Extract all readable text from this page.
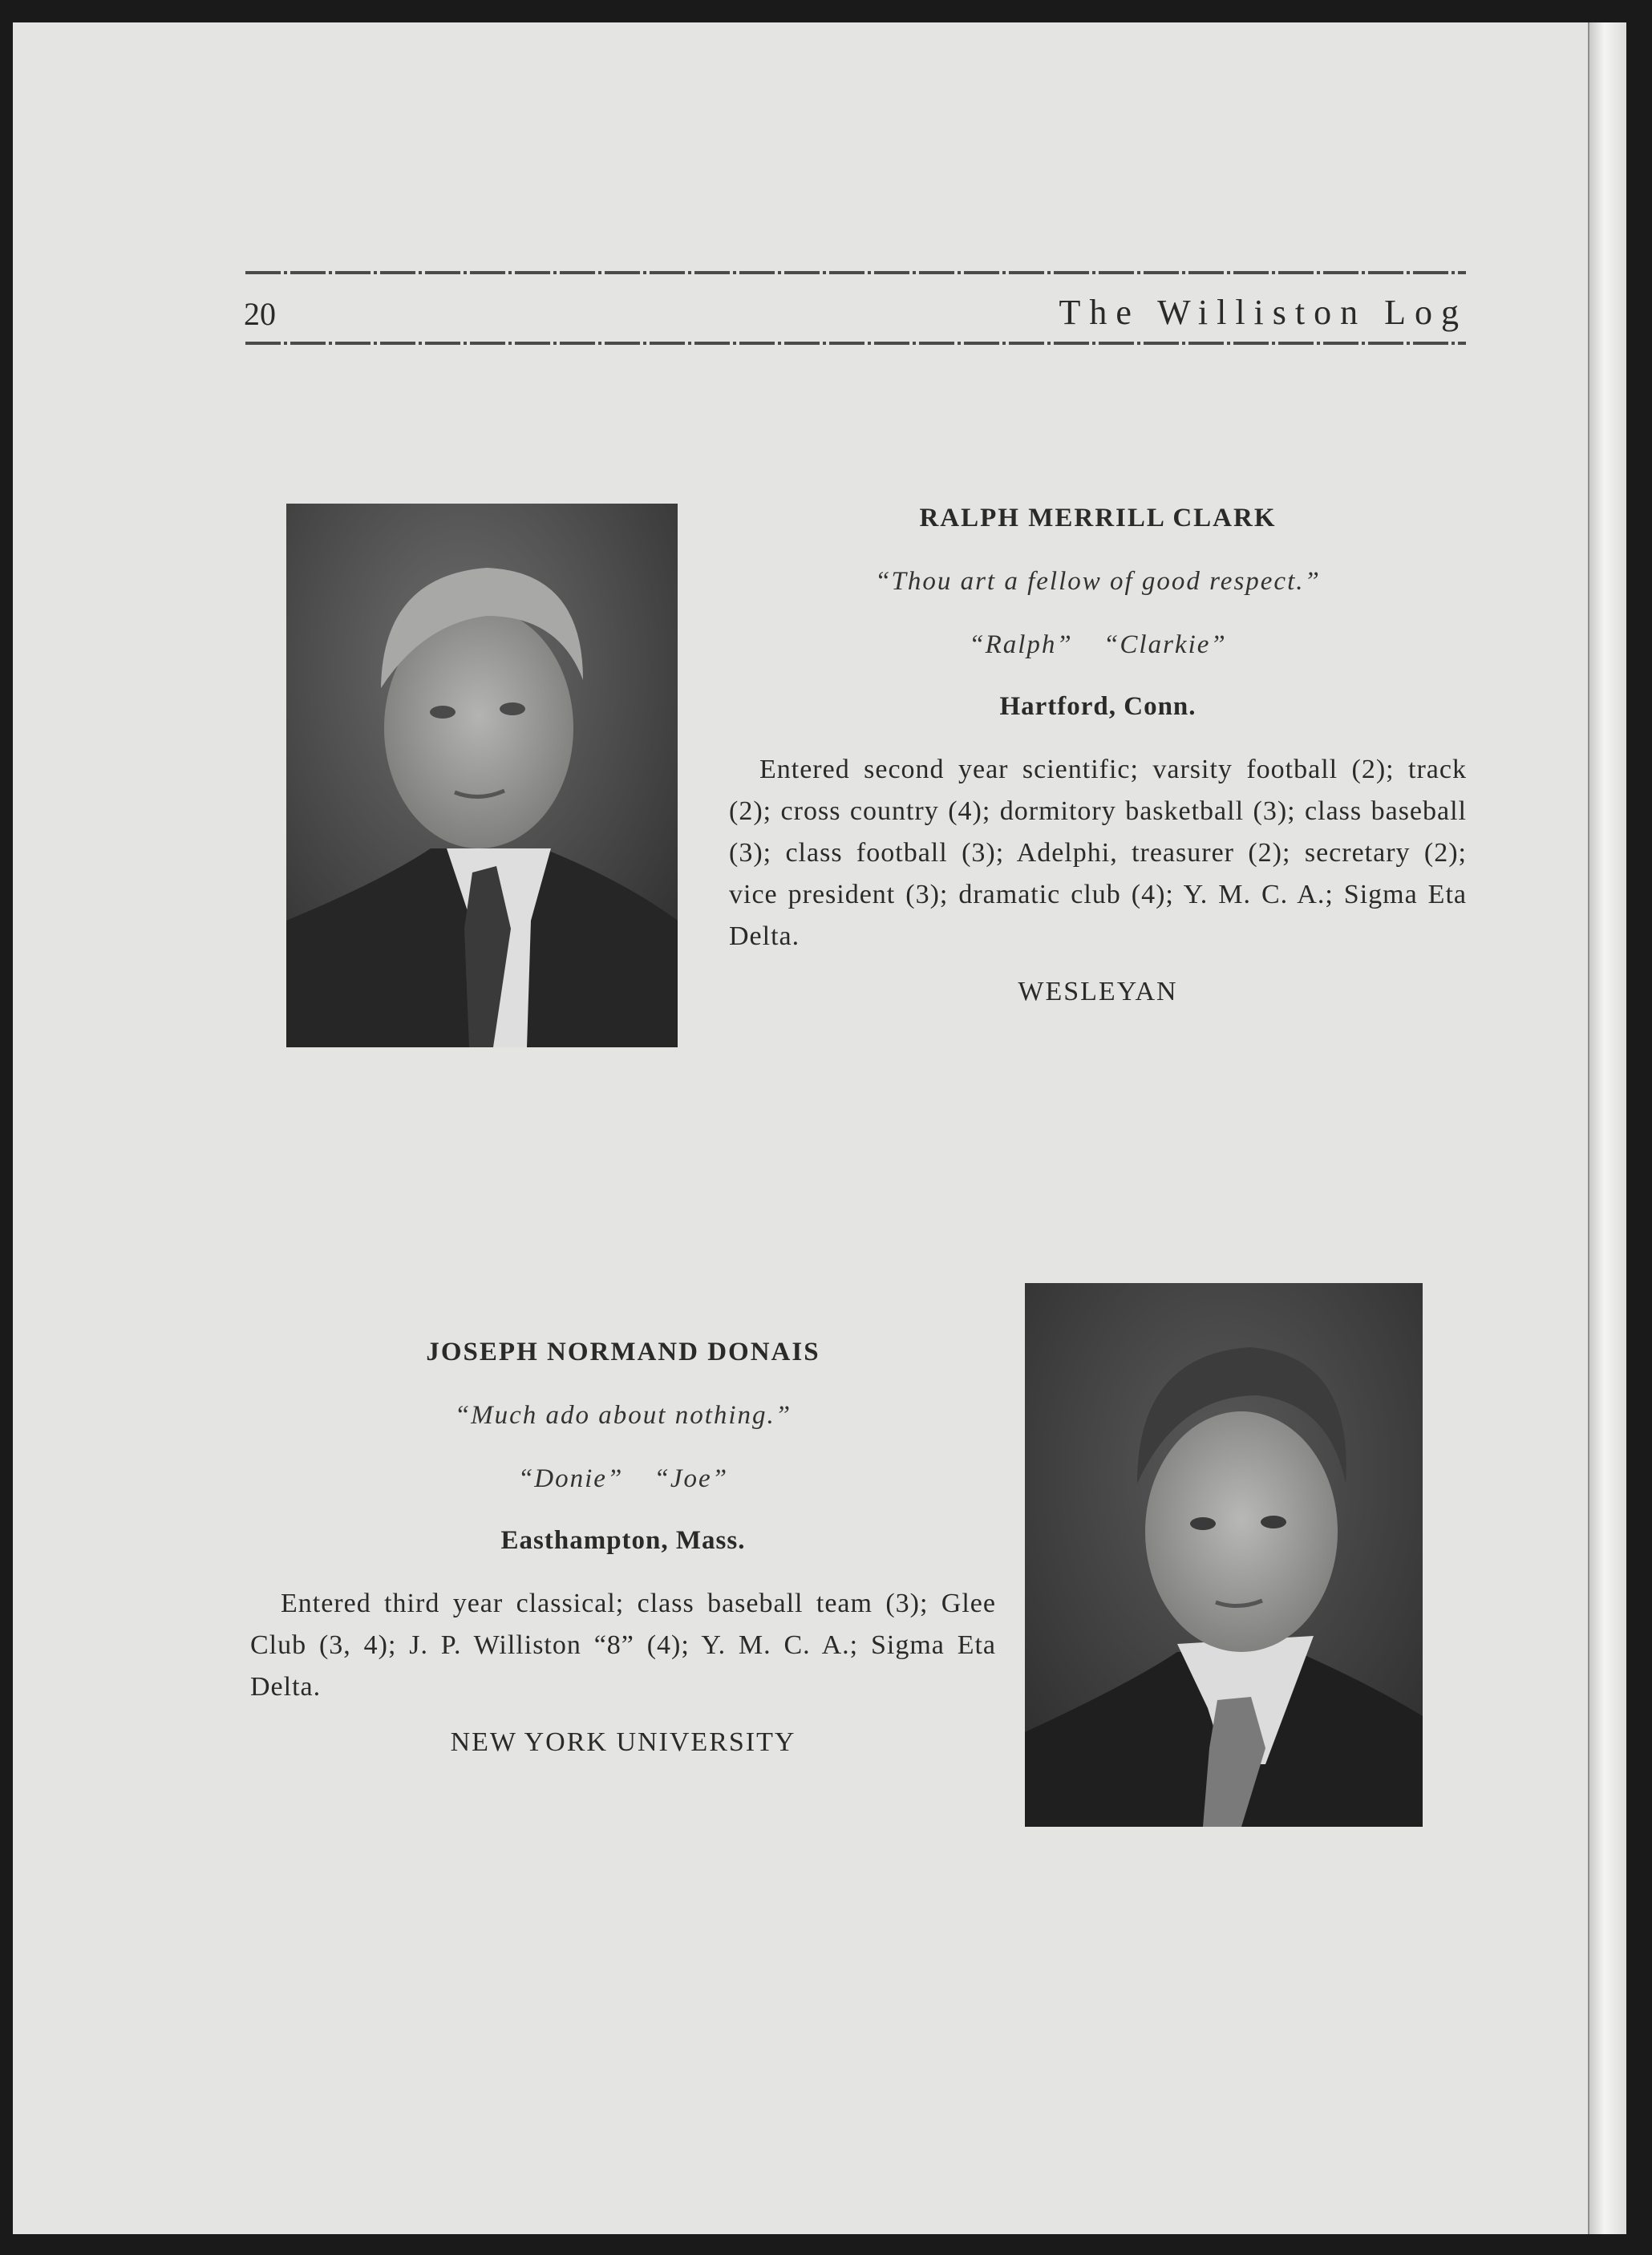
20	The Williston Log

RALPH MERRILL CLARK

“Thou art a fellow of good respect.”

“Ralph” “Clarkie”

Hartford, Conn.

Entered second year scientific; varsity football (2); track (2); cross country (4); dormitory basketball (3); class baseball (3); class football (3); Adelphi, treasurer (2); secretary (2); vice president (3); dramatic club (4); Y. M. C. A.; Sigma Eta Delta.

WESLEYAN

JOSEPH NORMAND DONAIS

“Much ado about nothing.”

“Donie” “Joe”

Easthampton, Mass.

Entered third year classical; class baseball team (3); Glee Club (3, 4); J. P. Williston “8” (4); Y. M. C. A.; Sigma Eta Delta.

NEW YORK UNIVERSITY
